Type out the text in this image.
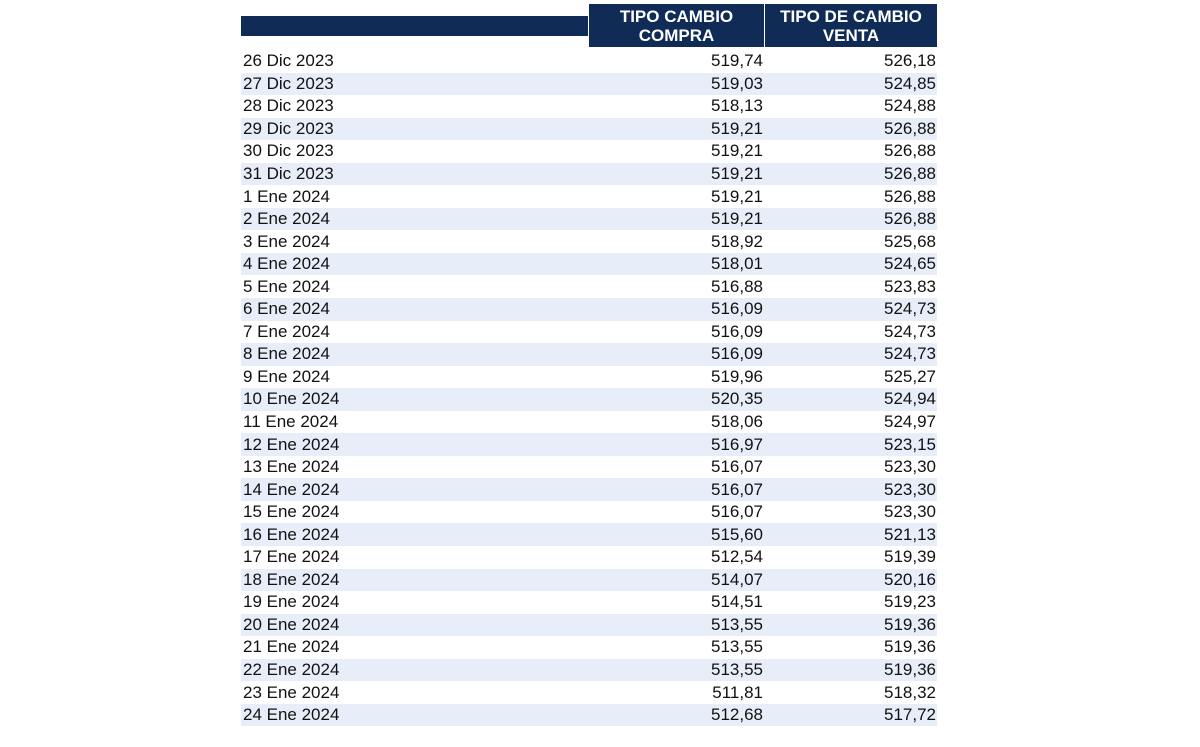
TIPO CAMBIO COMPRA
TIPO DE CAMBIO VENTA
26 Dic 2023	519,74	526,18
27 Dic 2023	519,03	524,85
28 Dic 2023	518,13	524,88
29 Dic 2023	519,21	526,88
30 Dic 2023	519,21	526,88
31 Dic 2023	519,21	526,88
1 Ene 2024	519,21	526,88
2 Ene 2024	519,21	526,88
3 Ene 2024	518,92	525,68
4 Ene 2024	518,01	524,65
5 Ene 2024	516,88	523,83
6 Ene 2024	516,09	524,73
7 Ene 2024	516,09	524,73
8 Ene 2024	516,09	524,73
9 Ene 2024	519,96	525,27
10 Ene 2024	520,35	524,94
11 Ene 2024	518,06	524,97
12 Ene 2024	516,97	523,15
13 Ene 2024	516,07	523,30
14 Ene 2024	516,07	523,30
15 Ene 2024	516,07	523,30
16 Ene 2024	515,60	521,13
17 Ene 2024	512,54	519,39
18 Ene 2024	514,07	520,16
19 Ene 2024	514,51	519,23
20 Ene 2024	513,55	519,36
21 Ene 2024	513,55	519,36
22 Ene 2024	513,55	519,36
23 Ene 2024	511,81	518,32
24 Ene 2024	512,68	517,72
